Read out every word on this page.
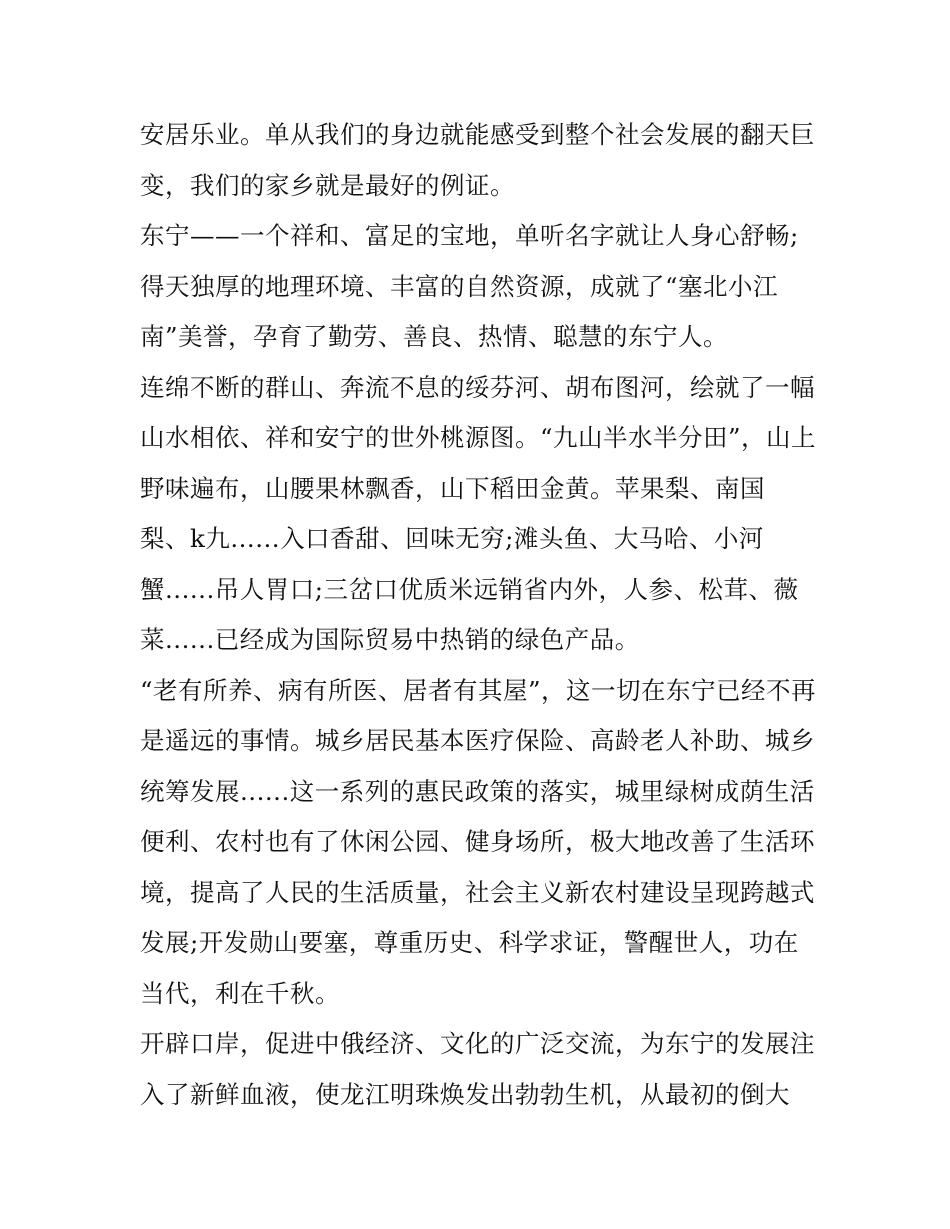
安居乐业。单从我们的身边就能感受到整个社会发展的翻天巨
变，我们的家乡就是最好的例证。
东宁——一个祥和、富足的宝地，单听名字就让人身心舒畅;
得天独厚的地理环境、丰富的自然资源，成就了“塞北小江
南”美誉，孕育了勤劳、善良、热情、聪慧的东宁人。
连绵不断的群山、奔流不息的绥芬河、胡布图河，绘就了一幅
山水相依、祥和安宁的世外桃源图。“九山半水半分田”，山上
野味遍布，山腰果林飘香，山下稻田金黄。苹果梨、南国
梨、k九......入口香甜、回味无穷;滩头鱼、大马哈、小河
蟹......吊人胃口;三岔口优质米远销省内外，人参、松茸、薇
菜......已经成为国际贸易中热销的绿色产品。
“老有所养、病有所医、居者有其屋”，这一切在东宁已经不再
是遥远的事情。城乡居民基本医疗保险、高龄老人补助、城乡
统筹发展......这一系列的惠民政策的落实，城里绿树成荫生活
便利、农村也有了休闲公园、健身场所，极大地改善了生活环
境，提高了人民的生活质量，社会主义新农村建设呈现跨越式
发展;开发勋山要塞，尊重历史、科学求证，警醒世人，功在
当代，利在千秋。
开辟口岸，促进中俄经济、文化的广泛交流，为东宁的发展注
入了新鲜血液，使龙江明珠焕发出勃勃生机，从最初的倒大
